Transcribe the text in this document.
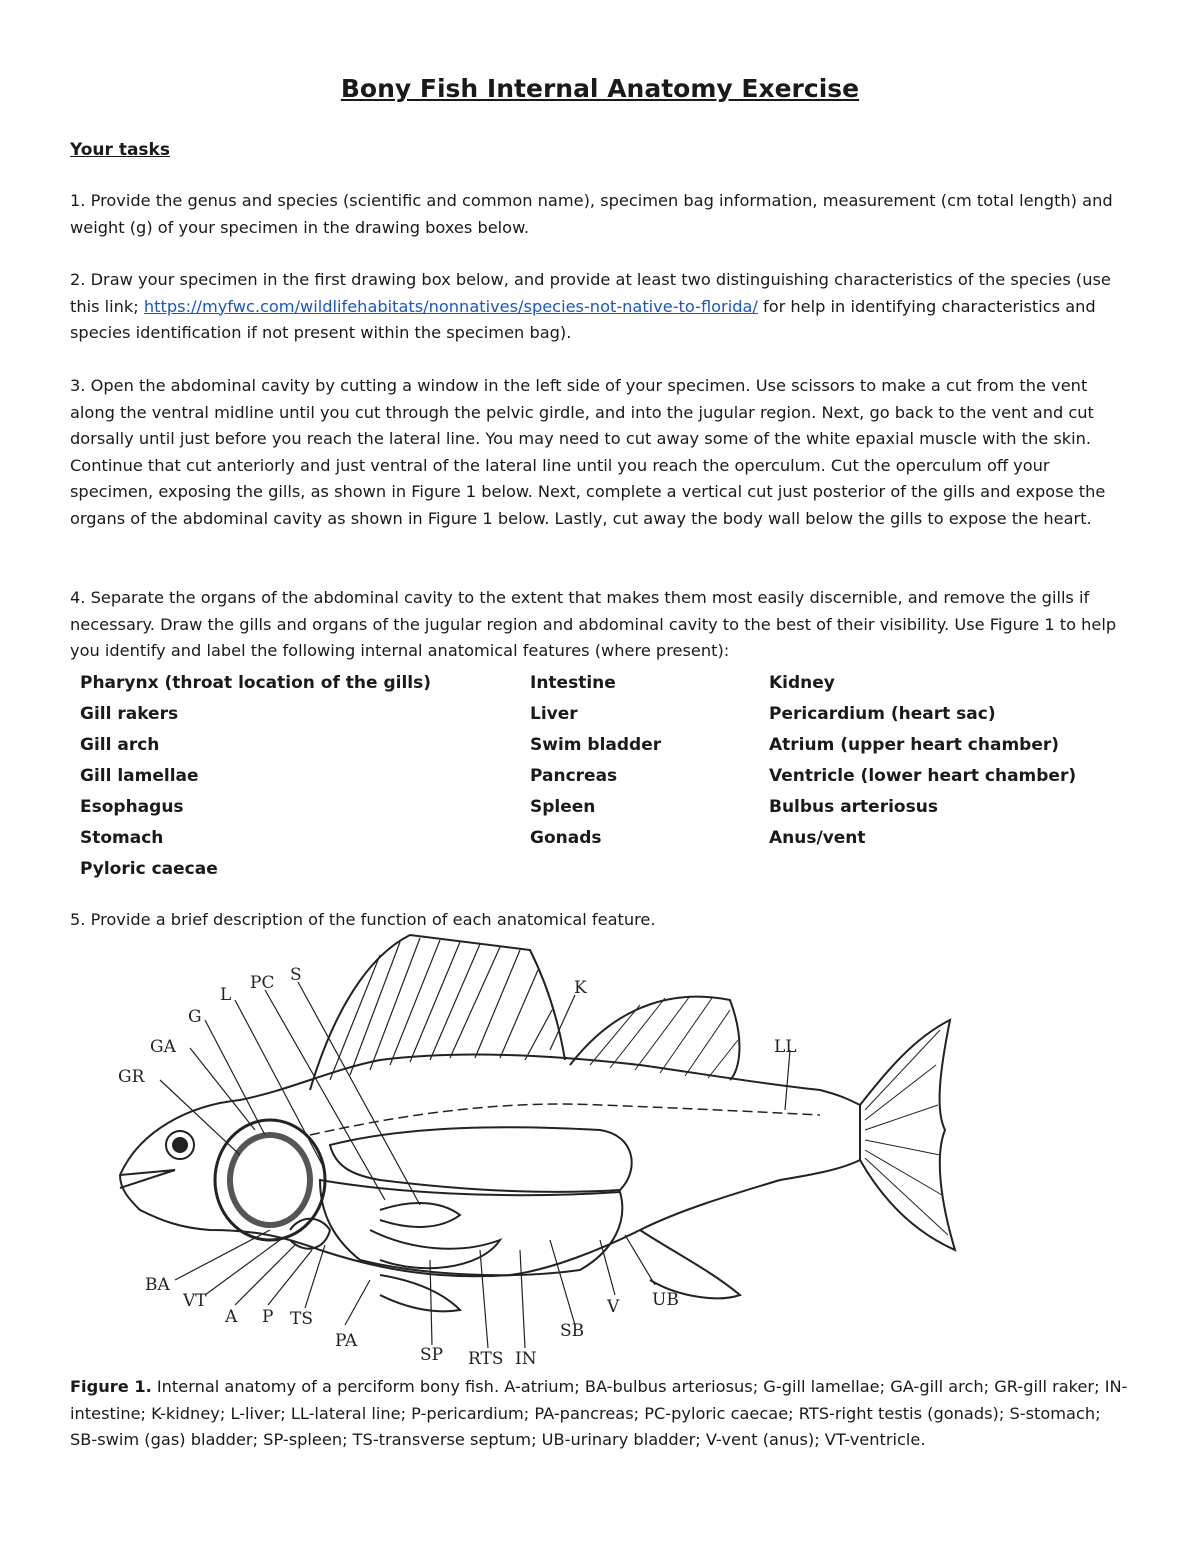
Bony Fish Internal Anatomy Exercise
Your tasks

1. Provide the genus and species (scientific and common name), specimen bag information, measurement (cm total length) and weight (g) of your specimen in the drawing boxes below.

2. Draw your specimen in the first drawing box below, and provide at least two distinguishing characteristics of the species (use this link; https://myfwc.com/wildlifehabitats/nonnatives/species-not-native-to-florida/ for help in identifying characteristics and species identification if not present within the specimen bag).

3. Open the abdominal cavity by cutting a window in the left side of your specimen. Use scissors to make a cut from the vent along the ventral midline until you cut through the pelvic girdle, and into the jugular region. Next, go back to the vent and cut dorsally until just before you reach the lateral line. You may need to cut away some of the white epaxial muscle with the skin. Continue that cut anteriorly and just ventral of the lateral line until you reach the operculum. Cut the operculum off your specimen, exposing the gills, as shown in Figure 1 below. Next, complete a vertical cut just posterior of the gills and expose the organs of the abdominal cavity as shown in Figure 1 below. Lastly, cut away the body wall below the gills to expose the heart.

4. Separate the organs of the abdominal cavity to the extent that makes them most easily discernible, and remove the gills if necessary. Draw the gills and organs of the jugular region and abdominal cavity to the best of their visibility. Use Figure 1 to help you identify and label the following internal anatomical features (where present):

Pharynx (throat location of the gills)
Gill rakers
Gill arch
Gill lamellae
Esophagus
Stomach
Pyloric caecae
Intestine
Liver
Swim bladder
Pancreas
Spleen
Gonads
Kidney
Pericardium (heart sac)
Atrium (upper heart chamber)
Ventricle (lower heart chamber)
Bulbus arteriosus
Anus/vent

5. Provide a brief description of the function of each anatomical feature.

GR
GA
G
L
PC S
K
LL
BA
VT
A P TS
PA
SP RTS IN
SB
V UB

Figure 1. Internal anatomy of a perciform bony fish. A-atrium; BA-bulbus arteriosus; G-gill lamellae; GA-gill arch; GR-gill raker; IN-intestine; K-kidney; L-liver; LL-lateral line; P-pericardium; PA-pancreas; PC-pyloric caecae; RTS-right testis (gonads); S-stomach; SB-swim (gas) bladder; SP-spleen; TS-transverse septum; UB-urinary bladder; V-vent (anus); VT-ventricle.
